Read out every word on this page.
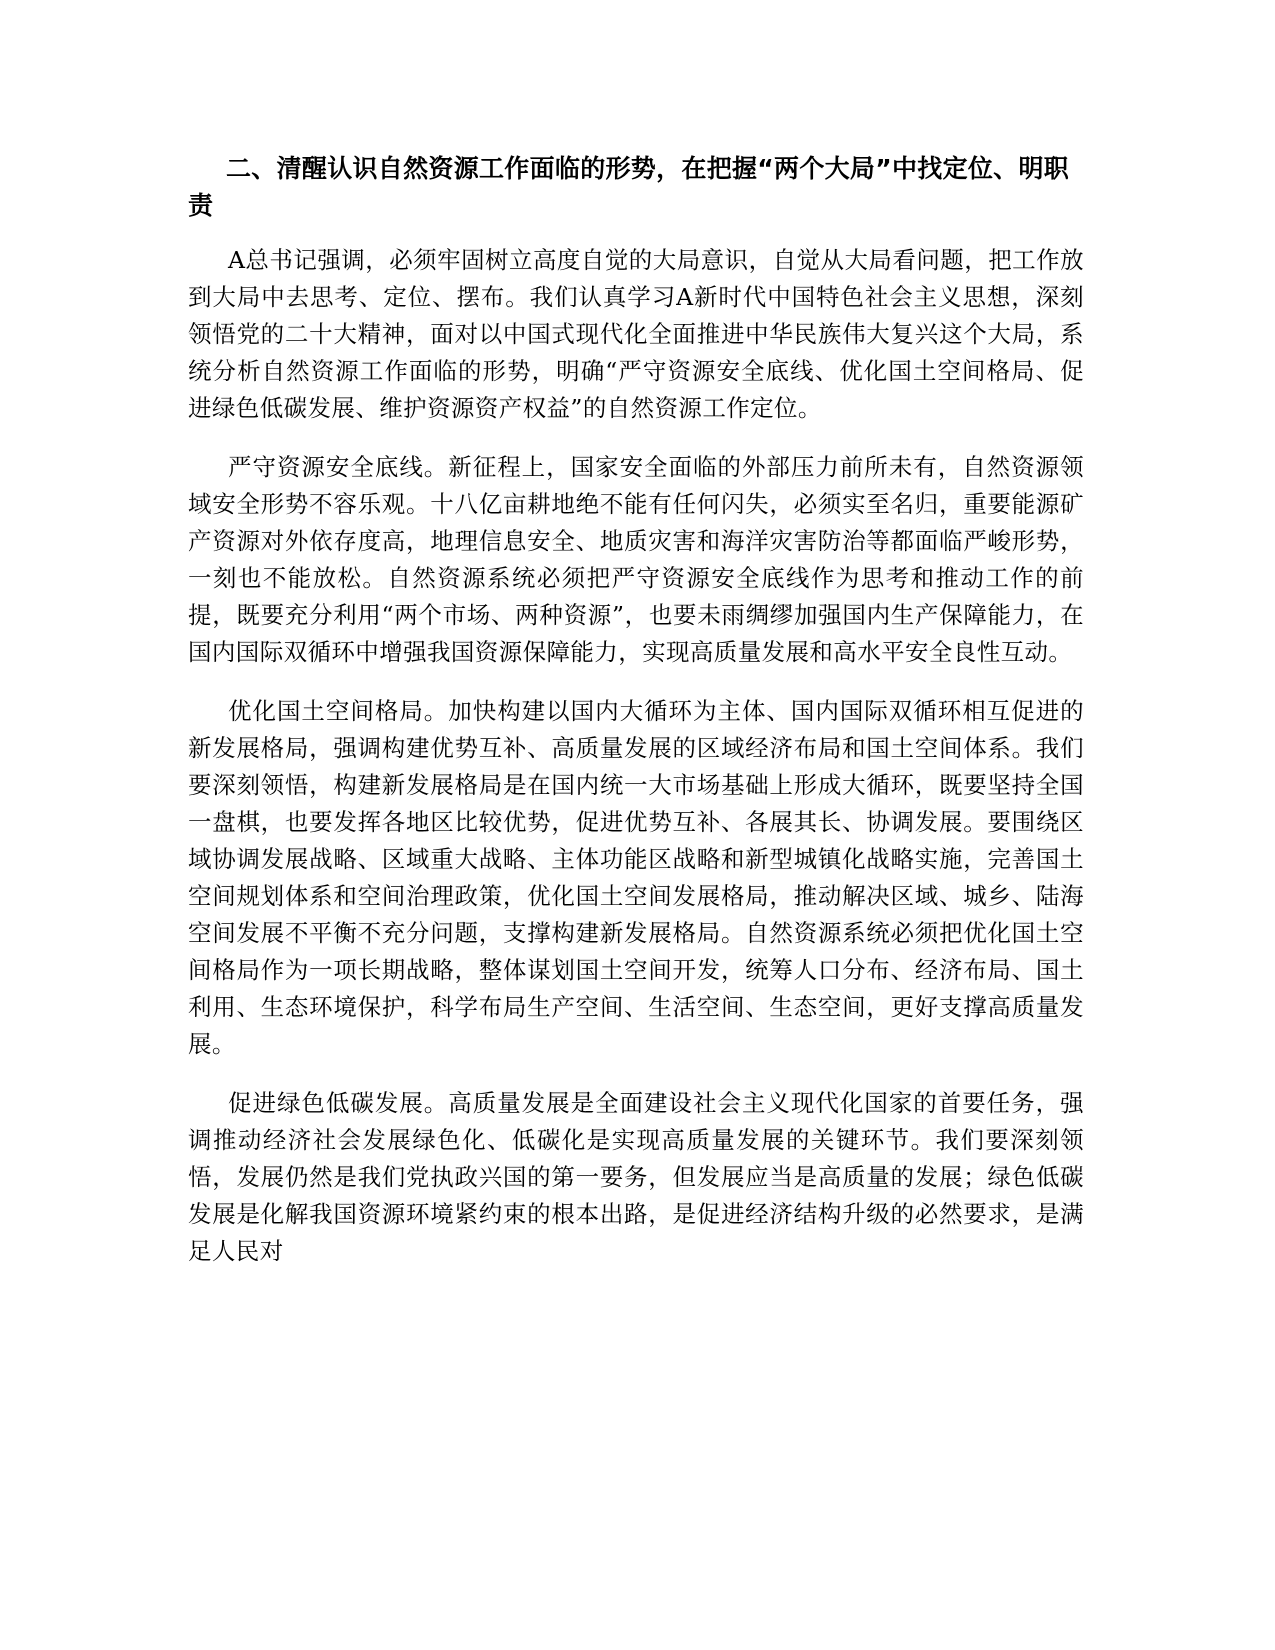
二、清醒认识自然资源工作面临的形势，在把握“两个大局”中找定位、明职责

A总书记强调，必须牢固树立高度自觉的大局意识，自觉从大局看问题，把工作放到大局中去思考、定位、摆布。我们认真学习A新时代中国特色社会主义思想，深刻领悟党的二十大精神，面对以中国式现代化全面推进中华民族伟大复兴这个大局，系统分析自然资源工作面临的形势，明确“严守资源安全底线、优化国土空间格局、促进绿色低碳发展、维护资源资产权益”的自然资源工作定位。

严守资源安全底线。新征程上，国家安全面临的外部压力前所未有，自然资源领域安全形势不容乐观。十八亿亩耕地绝不能有任何闪失，必须实至名归，重要能源矿产资源对外依存度高，地理信息安全、地质灾害和海洋灾害防治等都面临严峻形势，一刻也不能放松。自然资源系统必须把严守资源安全底线作为思考和推动工作的前提，既要充分利用“两个市场、两种资源”，也要未雨绸缪加强国内生产保障能力，在国内国际双循环中增强我国资源保障能力，实现高质量发展和高水平安全良性互动。

优化国土空间格局。加快构建以国内大循环为主体、国内国际双循环相互促进的新发展格局，强调构建优势互补、高质量发展的区域经济布局和国土空间体系。我们要深刻领悟，构建新发展格局是在国内统一大市场基础上形成大循环，既要坚持全国一盘棋，也要发挥各地区比较优势，促进优势互补、各展其长、协调发展。要围绕区域协调发展战略、区域重大战略、主体功能区战略和新型城镇化战略实施，完善国土空间规划体系和空间治理政策，优化国土空间发展格局，推动解决区域、城乡、陆海空间发展不平衡不充分问题，支撑构建新发展格局。自然资源系统必须把优化国土空间格局作为一项长期战略，整体谋划国土空间开发，统筹人口分布、经济布局、国土利用、生态环境保护，科学布局生产空间、生活空间、生态空间，更好支撑高质量发展。

促进绿色低碳发展。高质量发展是全面建设社会主义现代化国家的首要任务，强调推动经济社会发展绿色化、低碳化是实现高质量发展的关键环节。我们要深刻领悟，发展仍然是我们党执政兴国的第一要务，但发展应当是高质量的发展；绿色低碳发展是化解我国资源环境紧约束的根本出路，是促进经济结构升级的必然要求，是满足人民对
